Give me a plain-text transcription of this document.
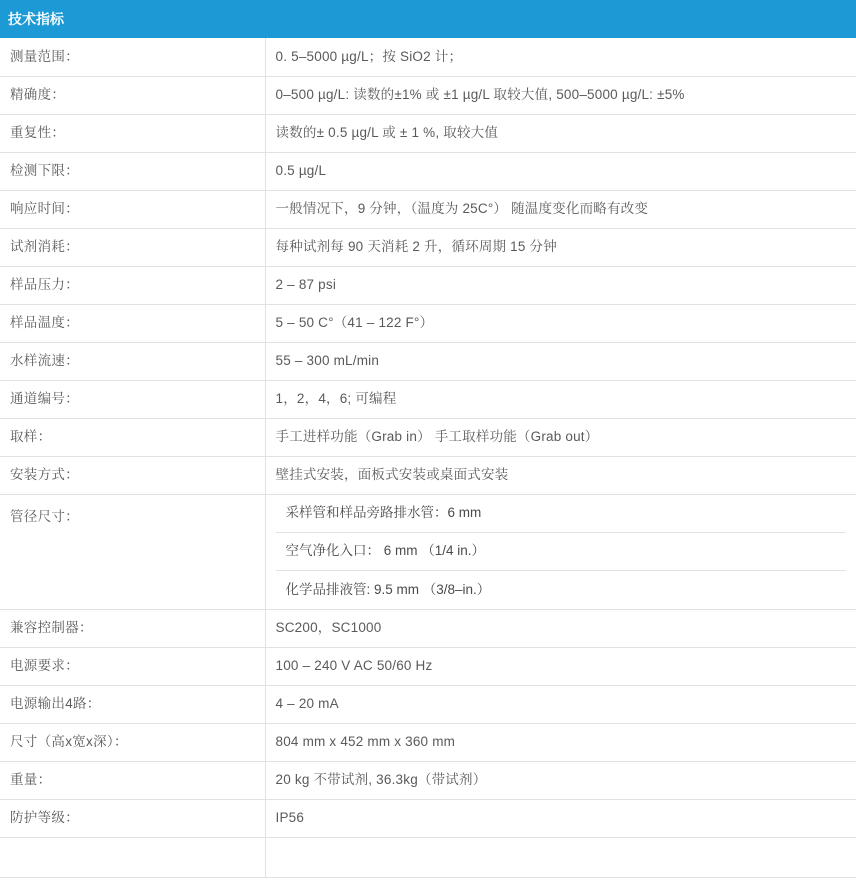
技术指标
测量范围：	0. 5–5000 µg/L；按 SiO2 计；
精确度：	0–500 µg/L: 读数的±1% 或 ±1 µg/L 取较大值, 500–5000 µg/L: ±5%
重复性：	读数的± 0.5 µg/L 或 ± 1 %, 取较大值
检测下限：	0.5 µg/L
响应时间：	一般情况下，9 分钟，（温度为 25C°） 随温度变化而略有改变
试剂消耗：	每种试剂每 90 天消耗 2 升，循环周期 15 分钟
样品压力：	2 – 87 psi
样品温度：	5 – 50 C°（41 – 122 F°）
水样流速：	55 – 300 mL/min
通道编号：	1，2，4，6; 可编程
取样：	手工进样功能（Grab in） 手工取样功能（Grab out）
安装方式：	壁挂式安装，面板式安装或桌面式安装
管径尺寸：		采样管和样品旁路排水管：6 mm
空气净化入口： 6 mm （1/4 in.）
化学品排液管: 9.5 mm （3/8–in.）

兼容控制器：	SC200，SC1000
电源要求：	100 – 240 V AC 50/60 Hz
电源输出4路：	4 – 20 mA
尺寸（高x宽x深）：	804 mm x 452 mm x 360 mm
重量：	20 kg 不带试剂, 36.3kg（带试剂）
防护等级：	IP56
